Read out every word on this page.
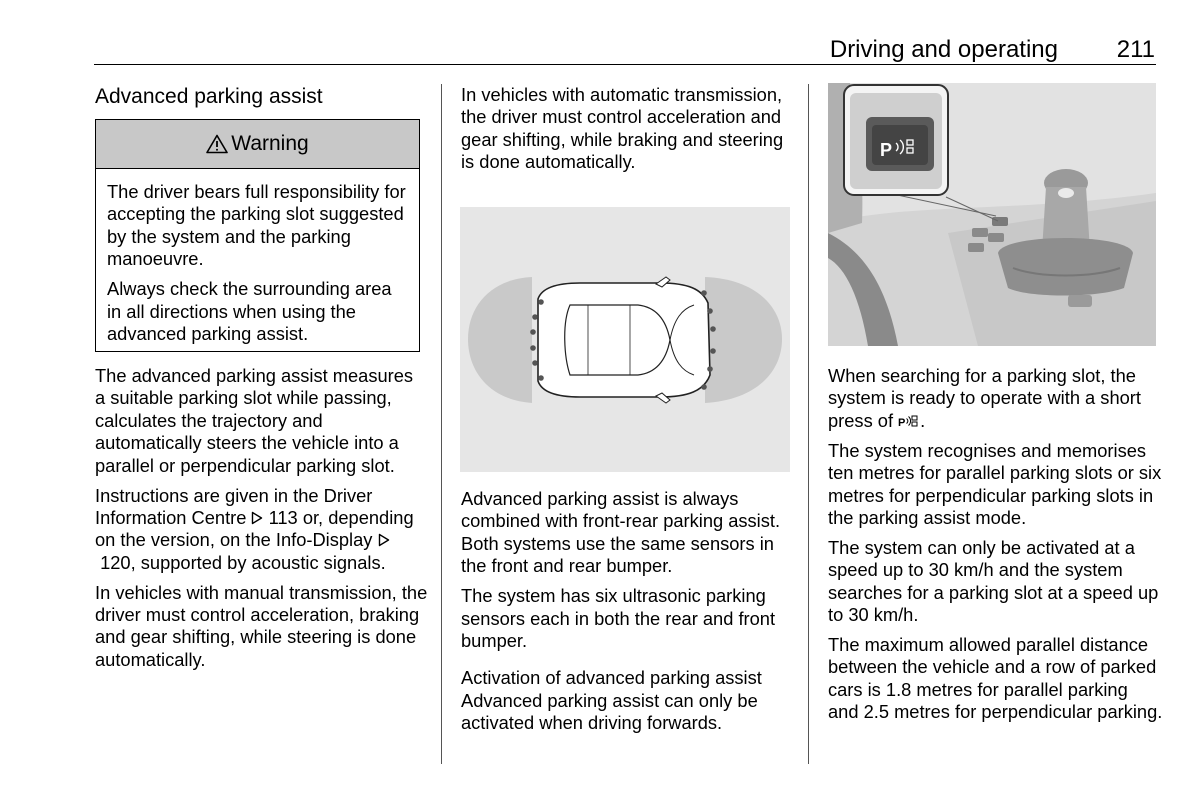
Driving and operating	211
Advanced parking assist
Warning

The driver bears full responsibility for accepting the parking slot suggested by the system and the parking manoeuvre.

Always check the surrounding area in all directions when using the advanced parking assist.

The advanced parking assist measures a suitable parking slot while passing, calculates the trajectory and automatically steers the vehicle into a parallel or perpendicular parking slot.

Instructions are given in the Driver Information Centre  113 or, depending on the version, on the Info-Display  120, supported by acoustic signals.

In vehicles with manual transmission, the driver must control acceleration, braking and gear shifting, while steering is done automatically.

In vehicles with automatic transmission, the driver must control acceleration and gear shifting, while braking and steering is done automatically.

Advanced parking assist is always combined with front-rear parking assist. Both systems use the same sensors in the front and rear bumper.

The system has six ultrasonic parking sensors each in both the rear and front bumper.

Activation of advanced parking assist

Advanced parking assist can only be activated when driving forwards.

P

When searching for a parking slot, the system is ready to operate with a short press of P .

The system recognises and memorises ten metres for parallel parking slots or six metres for perpendicular parking slots in the parking assist mode.

The system can only be activated at a speed up to 30 km/h and the system searches for a parking slot at a speed up to 30 km/h.

The maximum allowed parallel distance between the vehicle and a row of parked cars is 1.8 metres for parallel parking and 2.5 metres for perpendicular parking.
